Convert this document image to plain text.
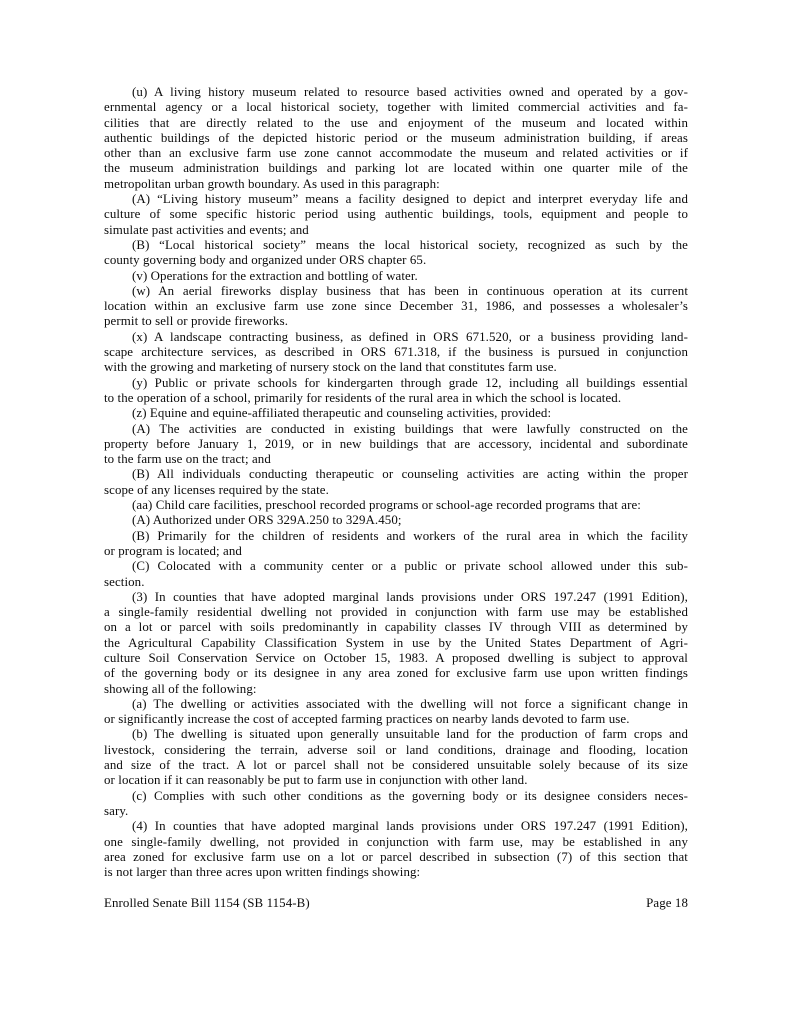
(u) A living history museum related to resource based activities owned and operated by a gov-
ernmental agency or a local historical society, together with limited commercial activities and fa-
cilities that are directly related to the use and enjoyment of the museum and located within
authentic buildings of the depicted historic period or the museum administration building, if areas
other than an exclusive farm use zone cannot accommodate the museum and related activities or if
the museum administration buildings and parking lot are located within one quarter mile of the
metropolitan urban growth boundary. As used in this paragraph:
(A) “Living history museum” means a facility designed to depict and interpret everyday life and
culture of some specific historic period using authentic buildings, tools, equipment and people to
simulate past activities and events; and
(B) “Local historical society” means the local historical society, recognized as such by the
county governing body and organized under ORS chapter 65.
(v) Operations for the extraction and bottling of water.
(w) An aerial fireworks display business that has been in continuous operation at its current
location within an exclusive farm use zone since December 31, 1986, and possesses a wholesaler’s
permit to sell or provide fireworks.
(x) A landscape contracting business, as defined in ORS 671.520, or a business providing land-
scape architecture services, as described in ORS 671.318, if the business is pursued in conjunction
with the growing and marketing of nursery stock on the land that constitutes farm use.
(y) Public or private schools for kindergarten through grade 12, including all buildings essential
to the operation of a school, primarily for residents of the rural area in which the school is located.
(z) Equine and equine-affiliated therapeutic and counseling activities, provided:
(A) The activities are conducted in existing buildings that were lawfully constructed on the
property before January 1, 2019, or in new buildings that are accessory, incidental and subordinate
to the farm use on the tract; and
(B) All individuals conducting therapeutic or counseling activities are acting within the proper
scope of any licenses required by the state.
(aa) Child care facilities, preschool recorded programs or school-age recorded programs that are:
(A) Authorized under ORS 329A.250 to 329A.450;
(B) Primarily for the children of residents and workers of the rural area in which the facility
or program is located; and
(C) Colocated with a community center or a public or private school allowed under this sub-
section.
(3) In counties that have adopted marginal lands provisions under ORS 197.247 (1991 Edition),
a single-family residential dwelling not provided in conjunction with farm use may be established
on a lot or parcel with soils predominantly in capability classes IV through VIII as determined by
the Agricultural Capability Classification System in use by the United States Department of Agri-
culture Soil Conservation Service on October 15, 1983. A proposed dwelling is subject to approval
of the governing body or its designee in any area zoned for exclusive farm use upon written findings
showing all of the following:
(a) The dwelling or activities associated with the dwelling will not force a significant change in
or significantly increase the cost of accepted farming practices on nearby lands devoted to farm use.
(b) The dwelling is situated upon generally unsuitable land for the production of farm crops and
livestock, considering the terrain, adverse soil or land conditions, drainage and flooding, location
and size of the tract. A lot or parcel shall not be considered unsuitable solely because of its size
or location if it can reasonably be put to farm use in conjunction with other land.
(c) Complies with such other conditions as the governing body or its designee considers neces-
sary.
(4) In counties that have adopted marginal lands provisions under ORS 197.247 (1991 Edition),
one single-family dwelling, not provided in conjunction with farm use, may be established in any
area zoned for exclusive farm use on a lot or parcel described in subsection (7) of this section that
is not larger than three acres upon written findings showing:
Enrolled Senate Bill 1154 (SB 1154-B)	Page 18
